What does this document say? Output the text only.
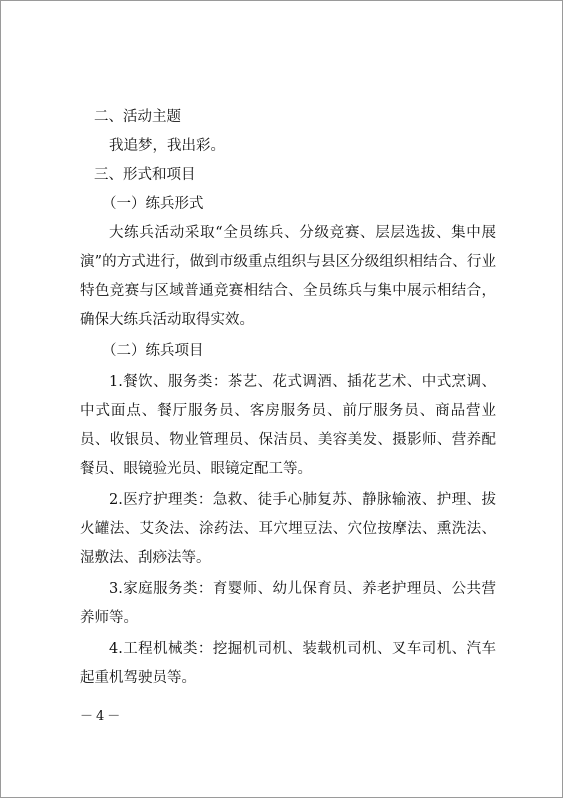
二、活动主题

我追梦，我出彩。

三、形式和项目

（一）练兵形式

大练兵活动采取“全员练兵、分级竞赛、层层选拔、集中展演”的方式进行，做到市级重点组织与县区分级组织相结合、行业特色竞赛与区域普通竞赛相结合、全员练兵与集中展示相结合，确保大练兵活动取得实效。

（二）练兵项目

1.餐饮、服务类：茶艺、花式调酒、插花艺术、中式烹调、中式面点、餐厅服务员、客房服务员、前厅服务员、商品营业员、收银员、物业管理员、保洁员、美容美发、摄影师、营养配餐员、眼镜验光员、眼镜定配工等。

2.医疗护理类：急救、徒手心肺复苏、静脉输液、护理、拔火罐法、艾灸法、涂药法、耳穴埋豆法、穴位按摩法、熏洗法、湿敷法、刮痧法等。

3.家庭服务类：育婴师、幼儿保育员、养老护理员、公共营养师等。

4.工程机械类：挖掘机司机、装载机司机、叉车司机、汽车起重机驾驶员等。

－4－
